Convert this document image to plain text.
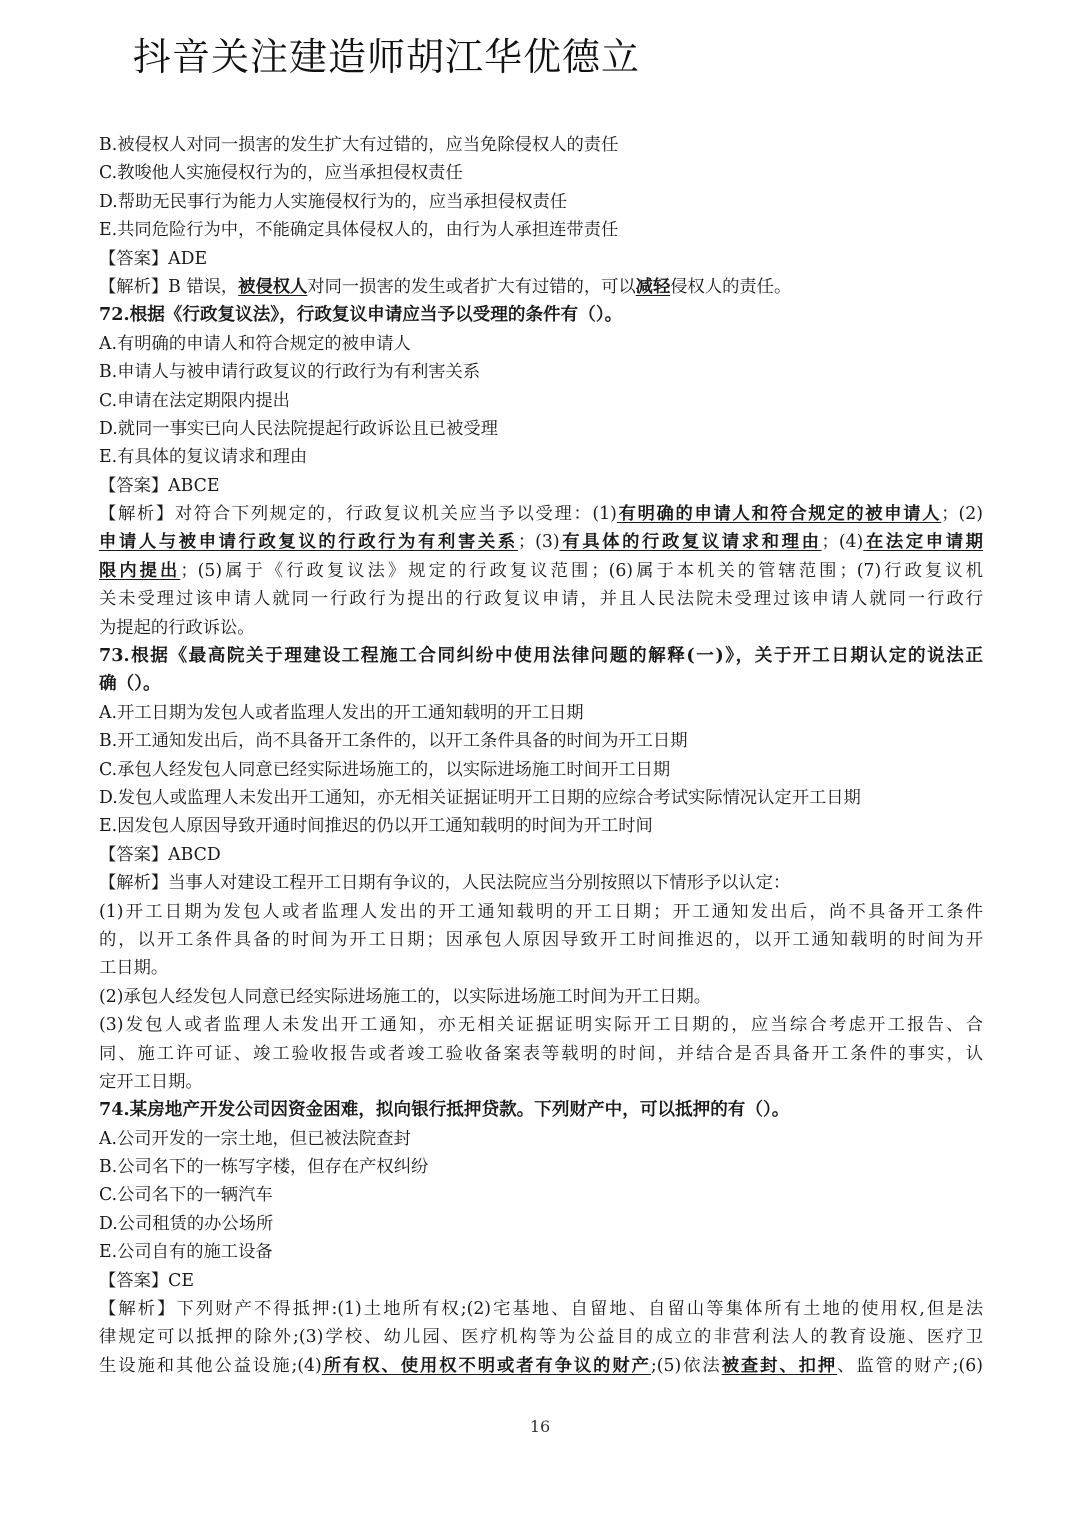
抖音关注建造师胡江华优德立
B.被侵权人对同一损害的发生扩大有过错的，应当免除侵权人的责任
C.教唆他人实施侵权行为的，应当承担侵权责任
D.帮助无民事行为能力人实施侵权行为的，应当承担侵权责任
E.共同危险行为中，不能确定具体侵权人的，由行为人承担连带责任
【答案】ADE
【解析】B 错误，被侵权人对同一损害的发生或者扩大有过错的，可以减轻侵权人的责任。
72.根据《行政复议法》，行政复议申请应当予以受理的条件有（）。
A.有明确的申请人和符合规定的被申请人
B.申请人与被申请行政复议的行政行为有利害关系
C.申请在法定期限内提出
D.就同一事实已向人民法院提起行政诉讼且已被受理
E.有具体的复议请求和理由
【答案】ABCE
【解析】对符合下列规定的，行政复议机关应当予以受理：(1)有明确的申请人和符合规定的被申请人；(2)
申请人与被申请行政复议的行政行为有利害关系；(3)有具体的行政复议请求和理由；(4)在法定申请期
限内提出；(5)属于《行政复议法》规定的行政复议范围；(6)属于本机关的管辖范围；(7)行政复议机
关未受理过该申请人就同一行政行为提出的行政复议申请，并且人民法院未受理过该申请人就同一行政行
为提起的行政诉讼。
73.根据《最高院关于理建设工程施工合同纠纷中使用法律问题的解释(一)》，关于开工日期认定的说法正
确（）。
A.开工日期为发包人或者监理人发出的开工通知载明的开工日期
B.开工通知发出后，尚不具备开工条件的，以开工条件具备的时间为开工日期
C.承包人经发包人同意已经实际进场施工的，以实际进场施工时间开工日期
D.发包人或监理人未发出开工通知，亦无相关证据证明开工日期的应综合考试实际情况认定开工日期
E.因发包人原因导致开通时间推迟的仍以开工通知载明的时间为开工时间
【答案】ABCD
【解析】当事人对建设工程开工日期有争议的，人民法院应当分别按照以下情形予以认定：
(1)开工日期为发包人或者监理人发出的开工通知载明的开工日期；开工通知发出后，尚不具备开工条件
的，以开工条件具备的时间为开工日期；因承包人原因导致开工时间推迟的，以开工通知载明的时间为开
工日期。
(2)承包人经发包人同意已经实际进场施工的，以实际进场施工时间为开工日期。
(3)发包人或者监理人未发出开工通知，亦无相关证据证明实际开工日期的，应当综合考虑开工报告、合
同、施工许可证、竣工验收报告或者竣工验收备案表等载明的时间，并结合是否具备开工条件的事实，认
定开工日期。
74.某房地产开发公司因资金困难，拟向银行抵押贷款。下列财产中，可以抵押的有（）。
A.公司开发的一宗土地，但已被法院查封
B.公司名下的一栋写字楼，但存在产权纠纷
C.公司名下的一辆汽车
D.公司租赁的办公场所
E.公司自有的施工设备
【答案】CE
【解析】下列财产不得抵押:(1)土地所有权;(2)宅基地、自留地、自留山等集体所有土地的使用权,但是法
律规定可以抵押的除外;(3)学校、幼儿园、医疗机构等为公益目的成立的非营利法人的教育设施、医疗卫
生设施和其他公益设施;(4)所有权、使用权不明或者有争议的财产;(5)依法被查封、扣押、监管的财产;(6)
16
